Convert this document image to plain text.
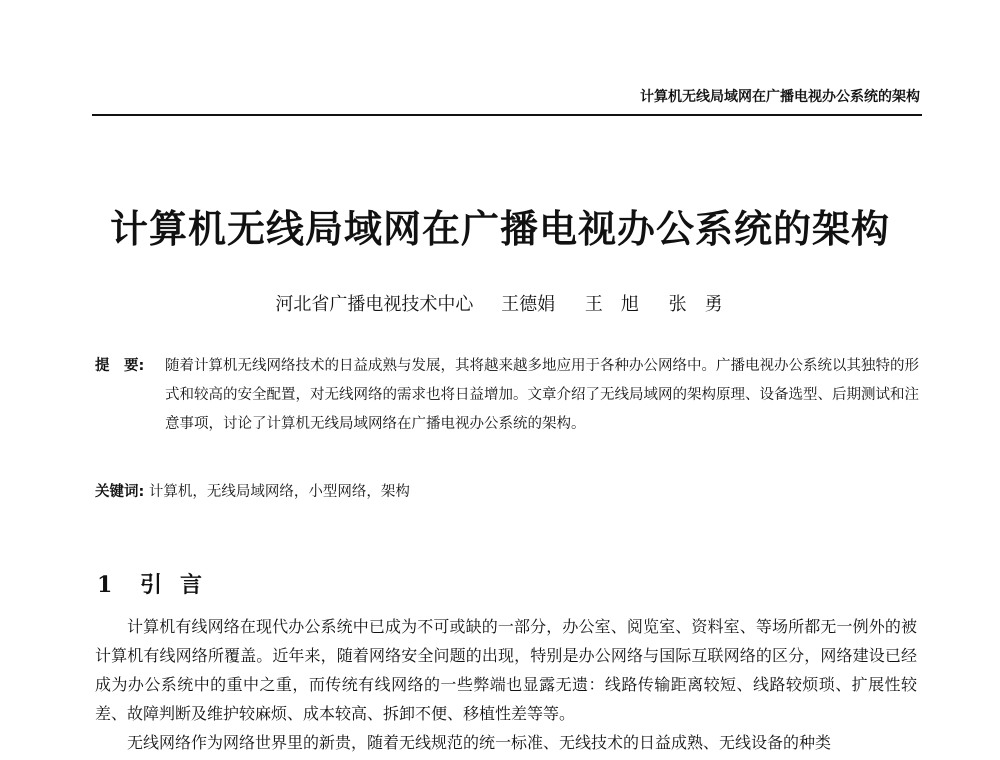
计算机无线局域网在广播电视办公系统的架构
计算机无线局域网在广播电视办公系统的架构
河北省广播电视技术中心 王德娟 王　旭 张　勇
提　要: 随着计算机无线网络技术的日益成熟与发展，其将越来越多地应用于各种办公网络中。广播电视办公系统以其独特的形式和较高的安全配置，对无线网络的需求也将日益增加。文章介绍了无线局域网的架构原理、设备选型、后期测试和注意事项，讨论了计算机无线局域网络在广播电视办公系统的架构。
关键词: 计算机，无线局域网络，小型网络，架构
1 引言

计算机有线网络在现代办公系统中已成为不可或缺的一部分，办公室、阅览室、资料室、等场所都无一例外的被计算机有线网络所覆盖。近年来，随着网络安全问题的出现，特别是办公网络与国际互联网络的区分，网络建设已经成为办公系统中的重中之重，而传统有线网络的一些弊端也显露无遗：线路传输距离较短、线路较烦琐、扩展性较差、故障判断及维护较麻烦、成本较高、拆卸不便、移植性差等等。

无线网络作为网络世界里的新贵，随着无线规范的统一标准、无线技术的日益成熟、无线设备的种类
